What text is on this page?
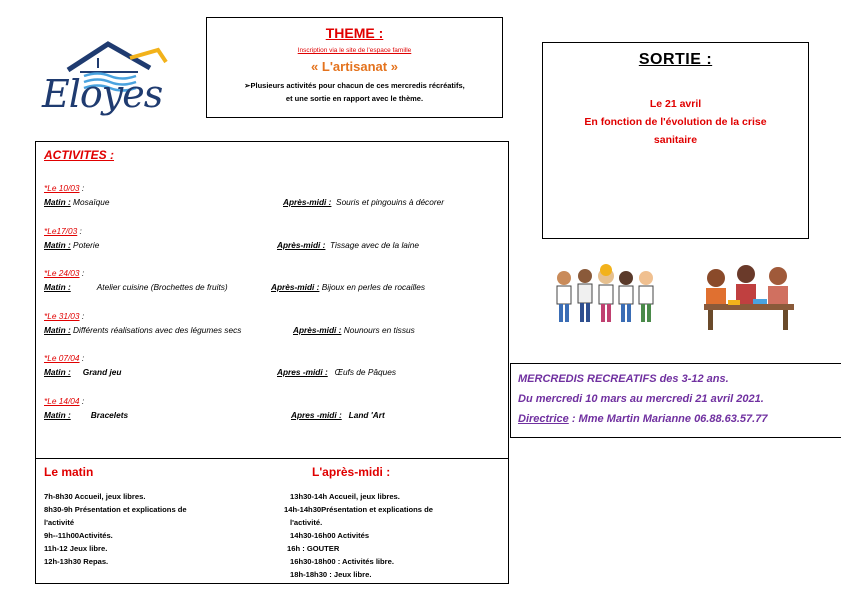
Eloyes
THEME :
Inscription via le site de l'espace famille
« L'artisanat »
➢Plusieurs activités pour chacun de ces mercredis récréatifs,
et une sortie en rapport avec le thème.
SORTIE :
Le 21 avril
En fonction de l'évolution de la crise
sanitaire
ACTIVITES :
*Le 10/03 :
Matin : Mosaïque	Après-midi : Souris et pingouins à décorer
*Le17/03 :
Matin : Poterie	Après-midi : Tissage avec de la laine
*Le 24/03 :
Matin :	Atelier cuisine (Brochettes de fruits)	Après-midi : Bijoux en perles de rocailles
*Le 31/03 :
Matin : Différents réalisations avec des légumes secs	Après-midi : Nounours en tissus
*Le 07/04 :
Matin : Grand jeu	Apres -midi : Œufs de Pâques
*Le 14/04 :
Matin : Bracelets	Apres -midi : Land 'Art
Le matin	L'après-midi :
7h-8h30 Accueil, jeux libres.
8h30-9h Présentation et explications de
l'activité
9h--11h00Activités.
11h-12 Jeux libre.
12h-13h30 Repas.
13h30-14h Accueil, jeux libres.
14h-14h30Présentation et explications de
l'activité.
14h30-16h00 Activités
16h : GOUTER
16h30-18h00 : Activités libre.
18h-18h30 : Jeux libre.
MERCREDIS RECREATIFS des 3-12 ans.
Du mercredi 10 mars au mercredi 21 avril 2021.
Directrice : Mme Martin Marianne 06.88.63.57.77
